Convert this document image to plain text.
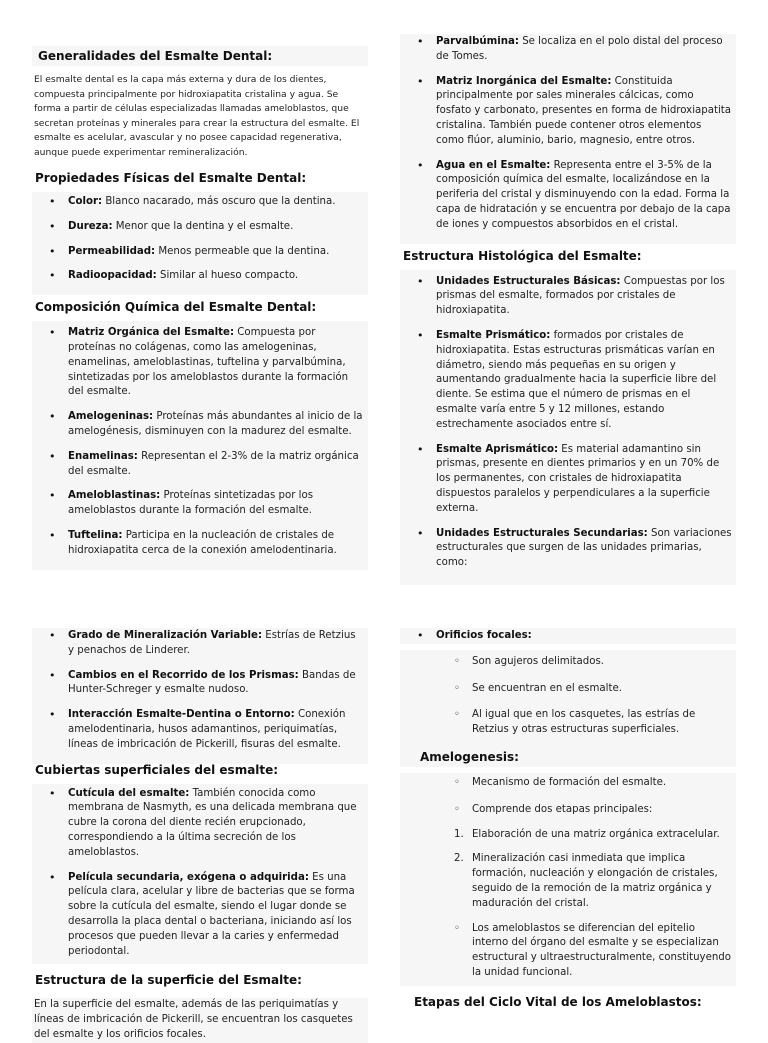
Generalidades del Esmalte Dental:
El esmalte dental es la capa más externa y dura de los dientes, compuesta principalmente por hidroxiapatita cristalina y agua. Se forma a partir de células especializadas llamadas ameloblastos, que secretan proteínas y minerales para crear la estructura del esmalte. El esmalte es acelular, avascular y no posee capacidad regenerativa, aunque puede experimentar remineralización.
Propiedades Físicas del Esmalte Dental:
• Color: Blanco nacarado, más oscuro que la dentina.
• Dureza: Menor que la dentina y el esmalte.
• Permeabilidad: Menos permeable que la dentina.
• Radioopacidad: Similar al hueso compacto.
Composición Química del Esmalte Dental:
• Matriz Orgánica del Esmalte: Compuesta por proteínas no colágenas, como las amelogeninas, enamelinas, ameloblastinas, tuftelina y parvalbúmina, sintetizadas por los ameloblastos durante la formación del esmalte.
• Amelogeninas: Proteínas más abundantes al inicio de la amelogénesis, disminuyen con la madurez del esmalte.
• Enamelinas: Representan el 2-3% de la matriz orgánica del esmalte.
• Ameloblastinas: Proteínas sintetizadas por los ameloblastos durante la formación del esmalte.
• Tuftelina: Participa en la nucleación de cristales de hidroxiapatita cerca de la conexión amelodentinaria.
• Parvalbúmina: Se localiza en el polo distal del proceso de Tomes.
• Matriz Inorgánica del Esmalte: Constituida principalmente por sales minerales cálcicas, como fosfato y carbonato, presentes en forma de hidroxiapatita cristalina. También puede contener otros elementos como flúor, aluminio, bario, magnesio, entre otros.
• Agua en el Esmalte: Representa entre el 3-5% de la composición química del esmalte, localizándose en la periferia del cristal y disminuyendo con la edad. Forma la capa de hidratación y se encuentra por debajo de la capa de iones y compuestos absorbidos en el cristal.
Estructura Histológica del Esmalte:
• Unidades Estructurales Básicas: Compuestas por los prismas del esmalte, formados por cristales de hidroxiapatita.
• Esmalte Prismático: formados por cristales de hidroxiapatita. Estas estructuras prismáticas varían en diámetro, siendo más pequeñas en su origen y aumentando gradualmente hacia la superficie libre del diente. Se estima que el número de prismas en el esmalte varía entre 5 y 12 millones, estando estrechamente asociados entre sí.
• Esmalte Aprismático: Es material adamantino sin prismas, presente en dientes primarios y en un 70% de los permanentes, con cristales de hidroxiapatita dispuestos paralelos y perpendiculares a la superficie externa.
• Unidades Estructurales Secundarias: Son variaciones estructurales que surgen de las unidades primarias, como:
• Grado de Mineralización Variable: Estrías de Retzius y penachos de Linderer.
• Cambios en el Recorrido de los Prismas: Bandas de Hunter-Schreger y esmalte nudoso.
• Interacción Esmalte-Dentina o Entorno: Conexión amelodentinaria, husos adamantinos, periquimatías, líneas de imbricación de Pickerill, fisuras del esmalte.
Cubiertas superficiales del esmalte:
• Cutícula del esmalte: También conocida como membrana de Nasmyth, es una delicada membrana que cubre la corona del diente recién erupcionado, correspondiendo a la última secreción de los ameloblastos.
• Película secundaria, exógena o adquirida: Es una película clara, acelular y libre de bacterias que se forma sobre la cutícula del esmalte, siendo el lugar donde se desarrolla la placa dental o bacteriana, iniciando así los procesos que pueden llevar a la caries y enfermedad periodontal.
Estructura de la superficie del Esmalte:
En la superficie del esmalte, además de las periquimatías y líneas de imbricación de Pickerill, se encuentran los casquetes del esmalte y los orificios focales.
• Orificios focales:
◦ Son agujeros delimitados.
◦ Se encuentran en el esmalte.
◦ Al igual que en los casquetes, las estrías de Retzius y otras estructuras superficiales.
Amelogenesis:
◦ Mecanismo de formación del esmalte.
◦ Comprende dos etapas principales:
1. Elaboración de una matriz orgánica extracelular.
2. Mineralización casi inmediata que implica formación, nucleación y elongación de cristales, seguido de la remoción de la matriz orgánica y maduración del cristal.
◦ Los ameloblastos se diferencian del epitelio interno del órgano del esmalte y se especializan estructural y ultraestructuralmente, constituyendo la unidad funcional.
Etapas del Ciclo Vital de los Ameloblastos:
